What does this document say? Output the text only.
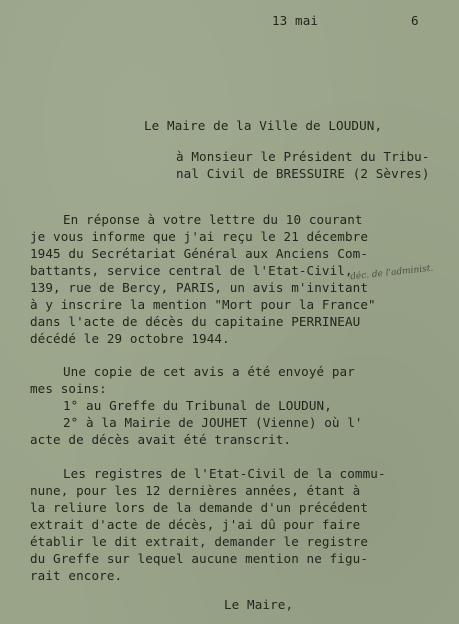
13 mai	6
Le Maire de la Ville de LOUDUN,
à Monsieur le Président du Tribu-
nal Civil de BRESSUIRE (2 Sèvres)
En réponse à votre lettre du 10 courant
je vous informe que j'ai reçu le 21 décembre
1945 du Secrétariat Général aux Anciens Com-
battants, service central de l'Etat-Civil,
139, rue de Bercy, PARIS, un avis m'invitant
à y inscrire la mention "Mort pour la France"
dans l'acte de décès du capitaine PERRINEAU
décédé le 29 octobre 1944.
déc. de l'administ.
Une copie de cet avis a été envoyé par
mes soins:
1° au Greffe du Tribunal de LOUDUN,
2° à la Mairie de JOUHET (Vienne) où l'
acte de décès avait été transcrit.
Les registres de l'Etat-Civil de la commu-
nune, pour les 12 dernières années, étant à
la reliure lors de la demande d'un précédent
extrait d'acte de décès, j'ai dû pour faire
établir le dit extrait, demander le registre
du Greffe sur lequel aucune mention ne figu-
rait encore.
Le Maire,
